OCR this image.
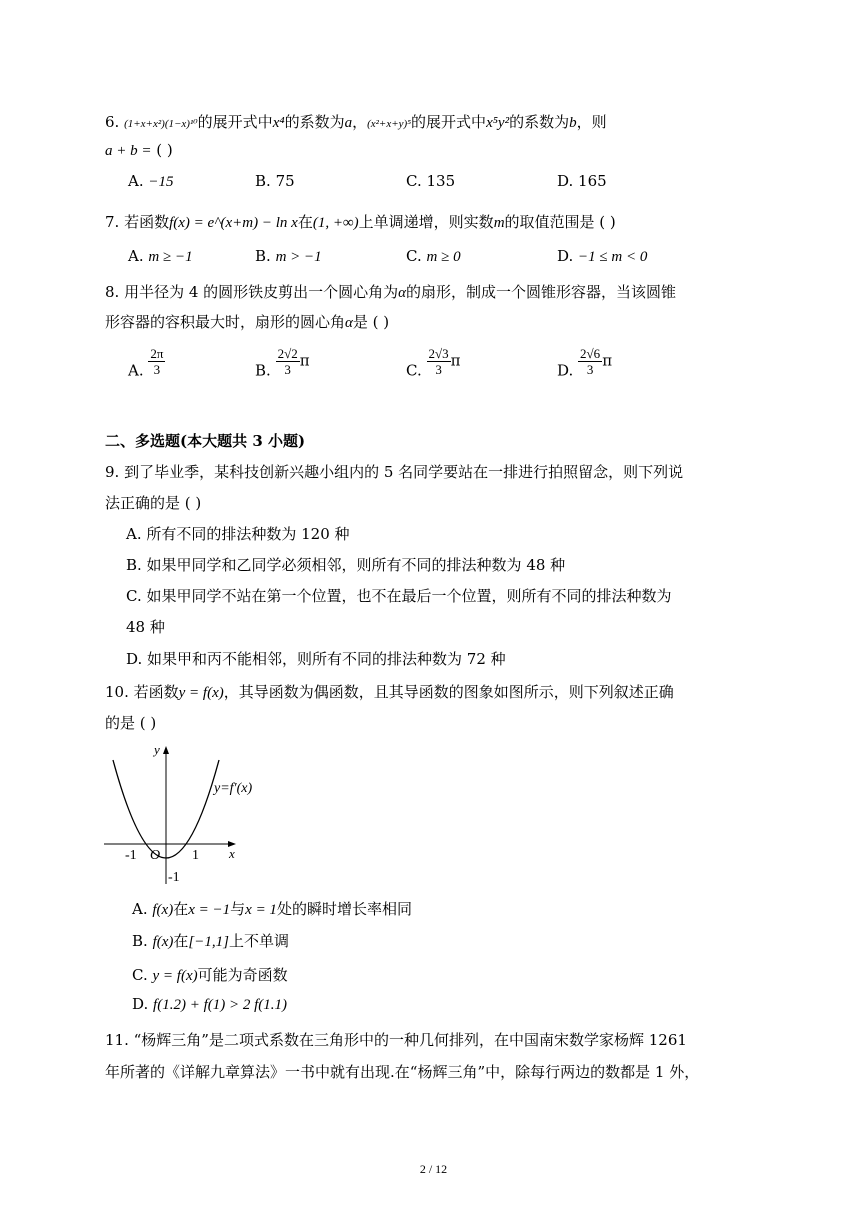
6. (1+x+x²)(1−x)¹⁰的展开式中x⁴的系数为a，(x²+x+y)⁵的展开式中x⁵y²的系数为b，则
a + b = ( )
A. −15	B. 75	C. 135	D. 165
7. 若函数f(x) = e^(x+m) − ln x在(1, +∞)上单调递增，则实数m的取值范围是 ( )
A. m ≥ −1	B. m > −1	C. m ≥ 0	D. −1 ≤ m < 0
8. 用半径为 4 的圆形铁皮剪出一个圆心角为α的扇形，制成一个圆锥形容器，当该圆锥
形容器的容积最大时，扇形的圆心角α是 ( )
A. $\frac{2\pi}{3}$	B. $\frac{2√2}{3}$ π
C. $\frac{2√3}{3}$ π
D. $\frac{2√6}{3}$ π
二、多选题(本大题共 3 小题)
9. 到了毕业季，某科技创新兴趣小组内的 5 名同学要站在一排进行拍照留念，则下列说
法正确的是 ( )
A. 所有不同的排法种数为 120 种
B. 如果甲同学和乙同学必须相邻，则所有不同的排法种数为 48 种
C. 如果甲同学不站在第一个位置，也不在最后一个位置，则所有不同的排法种数为
48 种
D. 如果甲和丙不能相邻，则所有不同的排法种数为 72 种
10. 若函数y = f(x)，其导函数为偶函数，且其导函数的图象如图所示，则下列叙述正确
的是 ( )
y
x
y=f′(x)
O
-1	1
-1
A. f(x)在x = −1与x = 1处的瞬时增长率相同
B. f(x)在[−1,1]上不单调
C. y = f(x)可能为奇函数
D. f(1.2) + f(1) > 2 f(1.1)
11. “杨辉三角”是二项式系数在三角形中的一种几何排列，在中国南宋数学家杨辉 1261
年所著的《详解九章算法》一书中就有出现.在“杨辉三角”中，除每行两边的数都是 1 外，
2 / 12
